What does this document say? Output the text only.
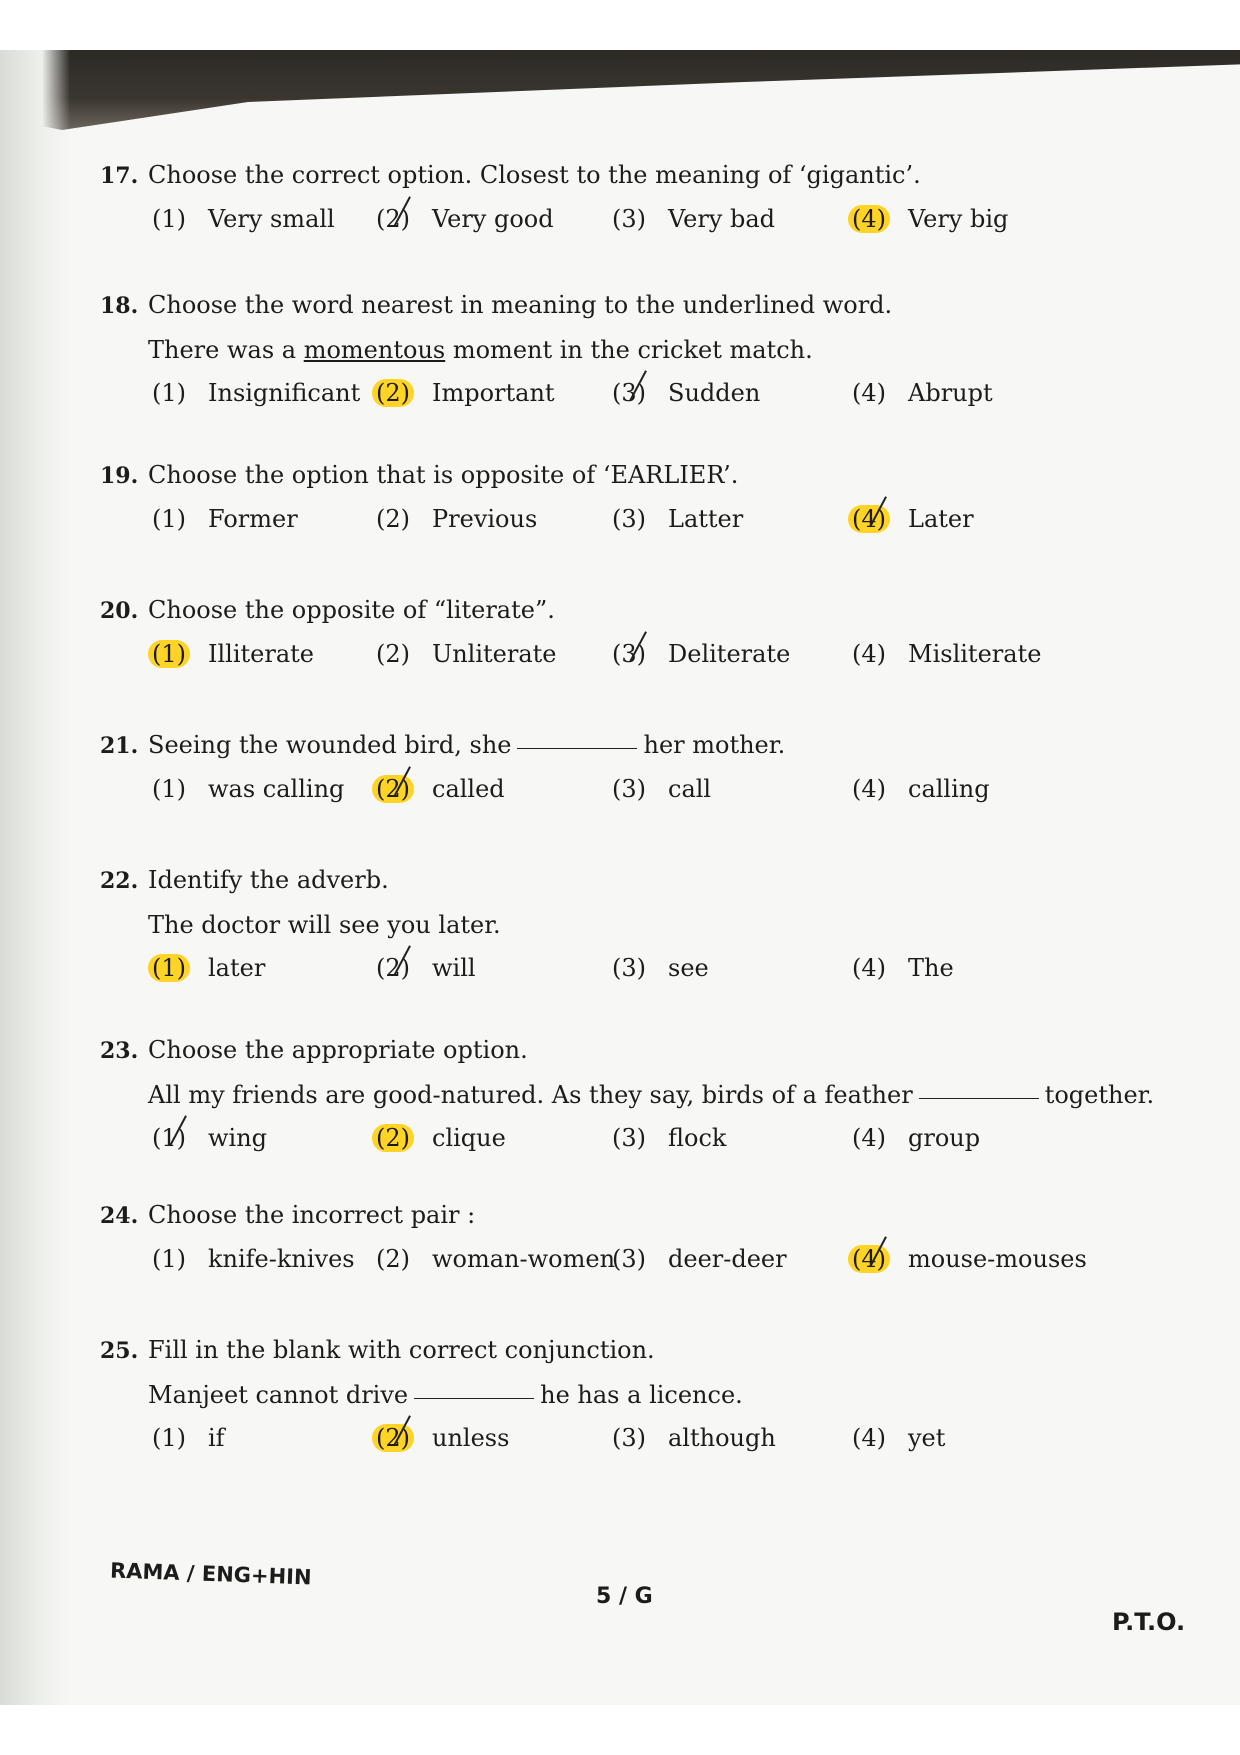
17. Choose the correct option. Closest to the meaning of ‘gigantic’.
(1) Very small (2) Very good (3) Very bad	(4) Very big
18. Choose the word nearest in meaning to the underlined word.
There was a momentous moment in the cricket match.
(1) Insignificant (2) Important (3) Sudden	(4) Abrupt
19. Choose the option that is opposite of ‘EARLIER’.
(1) Former	(2) Previous	(3) Latter	(4) Later
20. Choose the opposite of “literate”.
(1) Illiterate	(2) Unliterate (3) Deliterate	(4) Misliterate
21. Seeing the wounded bird, she	her mother.
(1) was calling (2) called	(3) call	(4) calling
22. Identify the adverb.
The doctor will see you later.
(1) later	(2) will	(3) see	(4) The
23. Choose the appropriate option.
All my friends are good-natured. As they say, birds of a feather	together.
(1) wing	(2) clique	(3) flock	(4) group
24. Choose the incorrect pair :
(1) knife-knives (2) woman-women
(3) deer-deer	(4) mouse-mouses
25. Fill in the blank with correct conjunction.
Manjeet cannot drive	he has a licence.
(1) if	(2) unless	(3) although	(4) yet
RAMA / ENG+HIN
5 / G
P.T.O.
